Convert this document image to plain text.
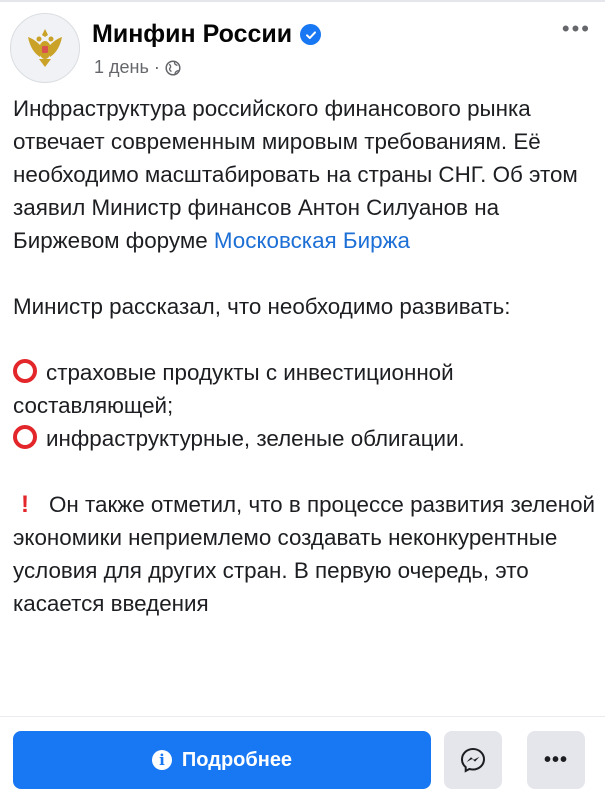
Минфин России
1 день ·
•••

Инфраструктура российского финансового рынка отвечает современным мировым требованиям. Её необходимо масштабировать на страны СНГ. Об этом заявил Министр финансов Антон Силуанов на Биржевом форуме Московская Биржа

Министр рассказал, что необходимо развивать:

страховые продукты с инвестиционной составляющей;

инфраструктурные, зеленые облигации.

! Он также отметил, что в процессе развития зеленой экономики неприемлемо создавать неконкурентные условия для других стран. В первую очередь, это касается введения

i Подробнее	•••
